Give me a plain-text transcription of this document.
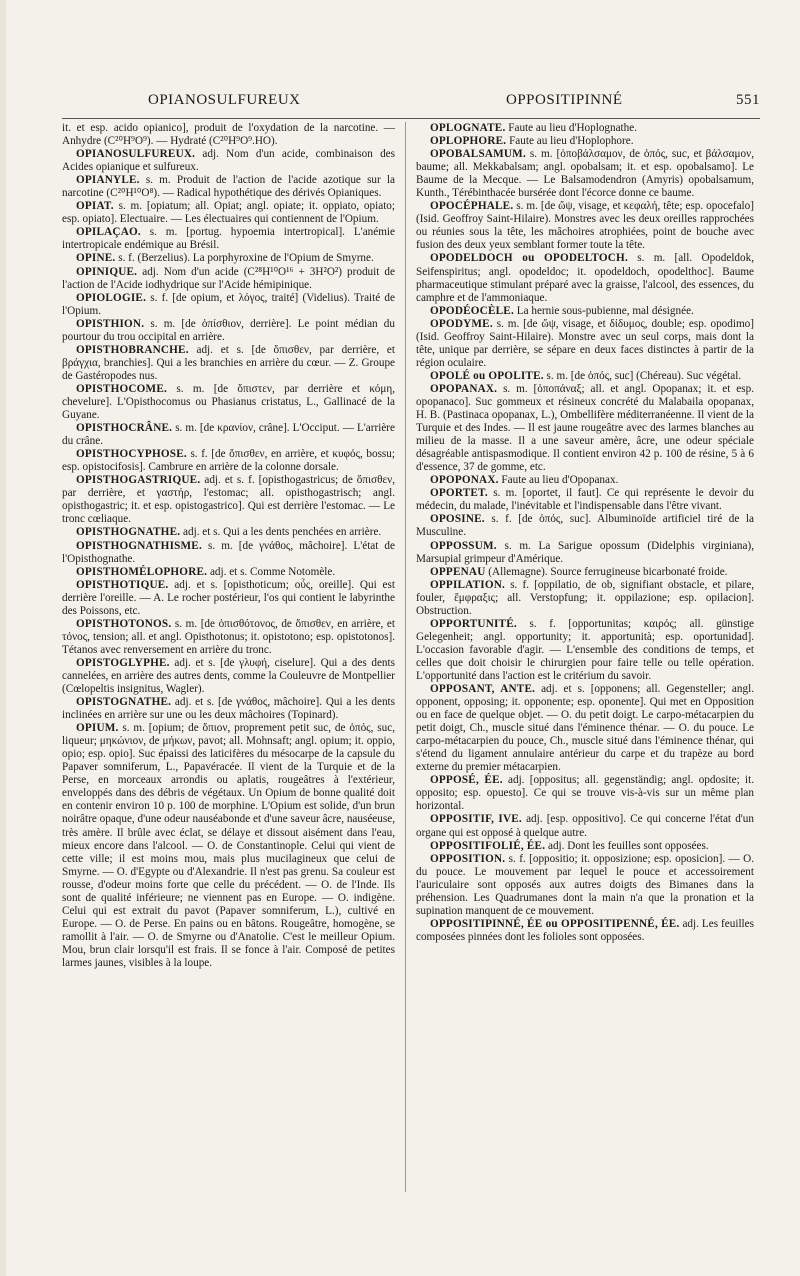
OPIANOSULFUREUX	OPPOSITIPINNÉ	551

it. et esp. acido opianico], produit de l'oxydation de la narcotine. — Anhydre (C²⁰H⁹O⁹). — Hydraté (C²⁰H⁹O⁹.HO).

OPIANOSULFUREUX. adj. Nom d'un acide, combinaison des Acides opianique et sulfureux.

OPIANYLE. s. m. Produit de l'action de l'acide azotique sur la narcotine (C²⁰H¹⁰O⁸). — Radical hypothétique des dérivés Opianiques.

OPIAT. s. m. [opiatum; all. Opiat; angl. opiate; it. oppiato, opiato; esp. opiato]. Electuaire. — Les électuaires qui contiennent de l'Opium.

OPILAÇAO. s. m. [portug. hypoemia intertropical]. L'anémie intertropicale endémique au Brésil.

OPINE. s. f. (Berzelius). La porphyroxine de l'Opium de Smyrne.

OPINIQUE. adj. Nom d'un acide (C²⁸H¹⁰O¹⁶ + 3H²O²) produit de l'action de l'Acide iodhydrique sur l'Acide hémipinique.

OPIOLOGIE. s. f. [de opium, et λόγος, traité] (Videlius). Traité de l'Opium.

OPISTHION. s. m. [de ὀπίσθιον, derrière]. Le point médian du pourtour du trou occipital en arrière.

OPISTHOBRANCHE. adj. et s. [de ὄπισθεν, par derrière, et βράγχια, branchies]. Qui a les branchies en arrière du cœur. — Z. Groupe de Gastéropodes nus.

OPISTHOCOME. s. m. [de ὄπιστεν, par derrière et κόμη, chevelure]. L'Opisthocomus ou Phasianus cristatus, L., Gallinacé de la Guyane.

OPISTHOCRÂNE. s. m. [de κρανίον, crâne]. L'Occiput. — L'arrière du crâne.

OPISTHOCYPHOSE. s. f. [de ὄπισθεν, en arrière, et κυφός, bossu; esp. opistocifosis]. Cambrure en arrière de la colonne dorsale.

OPISTHOGASTRIQUE. adj. et s. f. [opisthogastricus; de ὄπισθεν, par derrière, et γαστήρ, l'estomac; all. opisthogastrisch; angl. opisthogastric; it. et esp. opistogastrico]. Qui est derrière l'estomac. — Le tronc cœliaque.

OPISTHOGNATHE. adj. et s. Qui a les dents penchées en arrière.

OPISTHOGNATHISME. s. m. [de γνάθος, mâchoire]. L'état de l'Opisthognathe.

OPISTHOMÉLOPHORE. adj. et s. Comme Notomèle.

OPISTHOTIQUE. adj. et s. [opisthoticum; οὖς, oreille]. Qui est derrière l'oreille. — A. Le rocher postérieur, l'os qui contient le labyrinthe des Poissons, etc.

OPISTHOTONOS. s. m. [de ὀπισθότονος, de ὄπισθεν, en arrière, et τόνος, tension; all. et angl. Opisthotonus; it. opistotono; esp. opistotonos]. Tétanos avec renversement en arrière du tronc.

OPISTOGLYPHE. adj. et s. [de γλυφή, ciselure]. Qui a des dents cannelées, en arrière des autres dents, comme la Couleuvre de Montpellier (Cœlopeltis insignitus, Wagler).

OPISTOGNATHE. adj. et s. [de γνάθος, mâchoire]. Qui a les dents inclinées en arrière sur une ou les deux mâchoires (Topinard).

OPIUM. s. m. [opium; de ὄπιον, proprement petit suc, de ὀπός, suc, liqueur; μηκώνιον, de μήκων, pavot; all. Mohnsaft; angl. opium; it. oppio, opio; esp. opio]. Suc épaissi des laticifères du mésocarpe de la capsule du Papaver somniferum, L., Papavéracée. Il vient de la Turquie et de la Perse, en morceaux arrondis ou aplatis, rougeâtres à l'extérieur, enveloppés dans des débris de végétaux. Un Opium de bonne qualité doit en contenir environ 10 p. 100 de morphine. L'Opium est solide, d'un brun noirâtre opaque, d'une odeur nauséabonde et d'une saveur âcre, nauséeuse, très amère. Il brûle avec éclat, se délaye et dissout aisément dans l'eau, mieux encore dans l'alcool. — O. de Constantinople. Celui qui vient de cette ville; il est moins mou, mais plus mucilagineux que celui de Smyrne. — O. d'Egypte ou d'Alexandrie. Il n'est pas grenu. Sa couleur est rousse, d'odeur moins forte que celle du précédent. — O. de l'Inde. Ils sont de qualité inférieure; ne viennent pas en Europe. — O. indigène. Celui qui est extrait du pavot (Papaver somniferum, L.), cultivé en Europe. — O. de Perse. En pains ou en bâtons. Rougeâtre, homogène, se ramollit à l'air. — O. de Smyrne ou d'Anatolie. C'est le meilleur Opium. Mou, brun clair lorsqu'il est frais. Il se fonce à l'air. Composé de petites larmes jaunes, visibles à la loupe.

OPLOGNATE. Faute au lieu d'Hoplognathe.

OPLOPHORE. Faute au lieu d'Hoplophore.

OPOBALSAMUM. s. m. [ὀποβάλσαμον, de ὀπός, suc, et βάλσαμον, baume; all. Mekkabalsam; angl. opobalsam; it. et esp. opobalsamo]. Le Baume de la Mecque. — Le Balsamodendron (Amyris) opobalsamum, Kunth., Térébinthacée bursérée dont l'écorce donne ce baume.

OPOCÉPHALE. s. m. [de ὤψ, visage, et κεφαλή, tête; esp. opocefalo] (Isid. Geoffroy Saint-Hilaire). Monstres avec les deux oreilles rapprochées ou réunies sous la tête, les mâchoires atrophiées, point de bouche avec fusion des deux yeux semblant former toute la tête.

OPODELDOCH ou OPODELTOCH. s. m. [all. Opodeldok, Seifenspiritus; angl. opodeldoc; it. opodeldoch, opodelthoc]. Baume pharmaceutique stimulant préparé avec la graisse, l'alcool, des essences, du camphre et de l'ammoniaque.

OPODÉOCÈLE. La hernie sous-pubienne, mal désignée.

OPODYME. s. m. [de ὤψ, visage, et δίδυμος, double; esp. opodimo] (Isid. Geoffroy Saint-Hilaire). Monstre avec un seul corps, mais dont la tête, unique par derrière, se sépare en deux faces distinctes à partir de la région oculaire.

OPOLÉ ou OPOLITE. s. m. [de ὀπός, suc] (Chéreau). Suc végétal.

OPOPANAX. s. m. [ὀποπάναξ; all. et angl. Opopanax; it. et esp. opopanaco]. Suc gommeux et résineux concrété du Malabaila opopanax, H. B. (Pastinaca opopanax, L.), Ombellifère méditerranéenne. Il vient de la Turquie et des Indes. — Il est jaune rougeâtre avec des larmes blanches au milieu de la masse. Il a une saveur amère, âcre, une odeur spéciale désagréable antispasmodique. Il contient environ 42 p. 100 de résine, 5 à 6 d'essence, 37 de gomme, etc.

OPOPONAX. Faute au lieu d'Opopanax.

OPORTET. s. m. [oportet, il faut]. Ce qui représente le devoir du médecin, du malade, l'inévitable et l'indispensable dans l'être vivant.

OPOSINE. s. f. [de ὀπός, suc]. Albuminoïde artificiel tiré de la Musculine.

OPPOSSUM. s. m. La Sarigue opossum (Didelphis virginiana), Marsupial grimpeur d'Amérique.

OPPENAU (Allemagne). Source ferrugineuse bicarbonaté froide.

OPPILATION. s. f. [oppilatio, de ob, signifiant obstacle, et pilare, fouler, ἔμφραξις; all. Verstopfung; it. oppilazione; esp. opilacion]. Obstruction.

OPPORTUNITÉ. s. f. [opportunitas; καιρός; all. günstige Gelegenheit; angl. opportunity; it. apportunità; esp. oportunidad]. L'occasion favorable d'agir. — L'ensemble des conditions de temps, et celles que doit choisir le chirurgien pour faire telle ou telle opération. L'opportunité dans l'action est le critérium du savoir.

OPPOSANT, ANTE. adj. et s. [opponens; all. Gegensteller; angl. opponent, opposing; it. opponente; esp. oponente]. Qui met en Opposition ou en face de quelque objet. — O. du petit doigt. Le carpo-métacarpien du petit doigt, Ch., muscle situé dans l'éminence thénar. — O. du pouce. Le carpo-métacarpien du pouce, Ch., muscle situé dans l'éminence thénar, qui s'étend du ligament annulaire antérieur du carpe et du trapèze au bord externe du premier métacarpien.

OPPOSÉ, ÉE. adj. [oppositus; all. gegenständig; angl. opdosite; it. opposito; esp. opuesto]. Ce qui se trouve vis-à-vis sur un même plan horizontal.

OPPOSITIF, IVE. adj. [esp. oppositivo]. Ce qui concerne l'état d'un organe qui est opposé à quelque autre.

OPPOSITIFOLIÉ, ÉE. adj. Dont les feuilles sont opposées.

OPPOSITION. s. f. [oppositio; it. opposizione; esp. oposicion]. — O. du pouce. Le mouvement par lequel le pouce et accessoirement l'auriculaire sont opposés aux autres doigts des Bimanes dans la préhension. Les Quadrumanes dont la main n'a que la pronation et la supination manquent de ce mouvement.

OPPOSITIPINNÉ, ÉE ou OPPOSITIPENNÉ, ÉE. adj. Les feuilles composées pinnées dont les folioles sont opposées.
